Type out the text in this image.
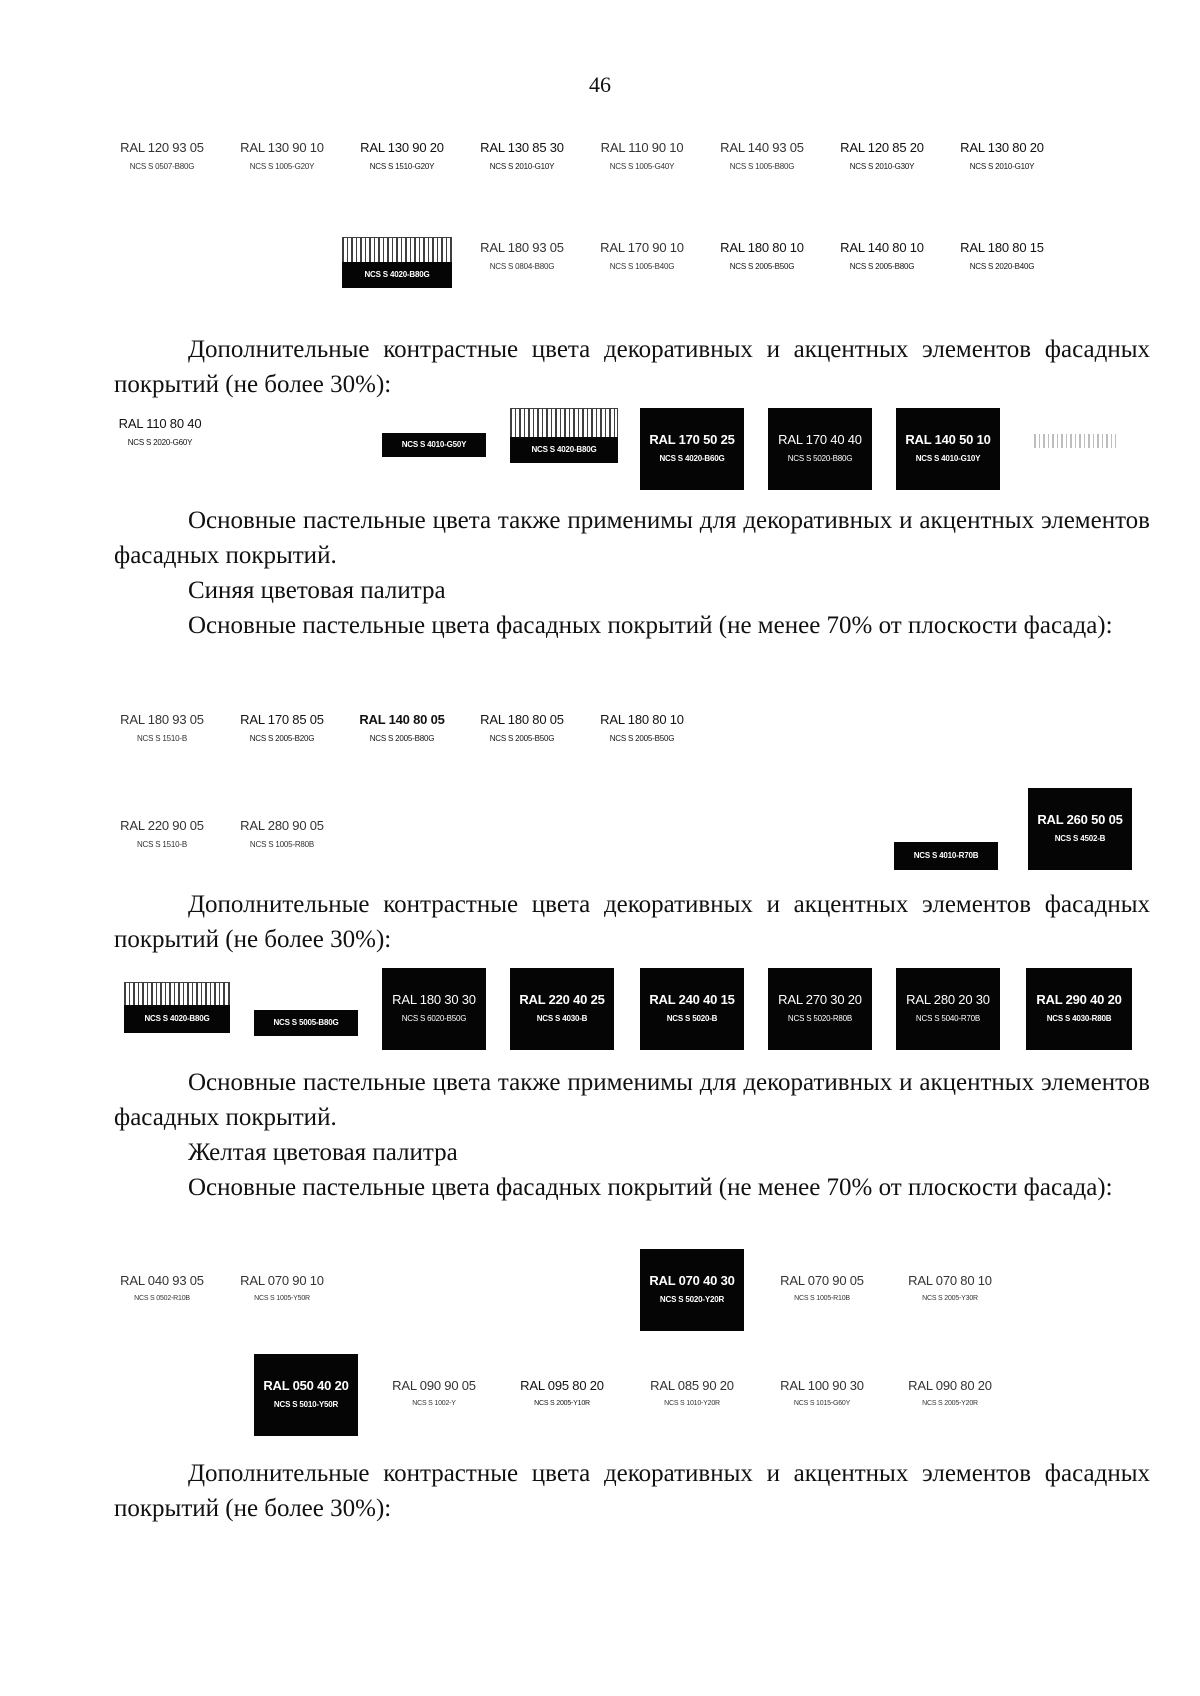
46
RAL 120 93 05
NCS S 0507-B80G
RAL 130 90 10
NCS S 1005-G20Y
RAL 130 90 20
NCS S 1510-G20Y
RAL 130 85 30
NCS S 2010-G10Y
RAL 110 90 10
NCS S 1005-G40Y
RAL 140 93 05
NCS S 1005-B80G
RAL 120 85 20
NCS S 2010-G30Y
RAL 130 80 20
NCS S 2010-G10Y
NCS S 4020-B80G
RAL 180 93 05
NCS S 0804-B80G
RAL 170 90 10
NCS S 1005-B40G
RAL 180 80 10
NCS S 2005-B50G
RAL 140 80 10
NCS S 2005-B80G
RAL 180 80 15
NCS S 2020-B40G

Дополнительные контрастные цвета декоративных и акцентных элементов фасадных покрытий (не более 30%):

RAL 110 80 40
NCS S 2020-G60Y	NCS S 4010-G50Y
NCS S 4020-B80G
RAL 170 50 25
NCS S 4020-B60G
RAL 170 40 40
NCS S 5020-B80G
RAL 140 50 10
NCS S 4010-G10Y

Основные пастельные цвета также применимы для декоративных и акцентных элементов фасадных покрытий.

Синяя цветовая палитра

Основные пастельные цвета фасадных покрытий (не менее 70% от плоскости фасада):

RAL 180 93 05
NCS S 1510-B
RAL 170 85 05
NCS S 2005-B20G
RAL 140 80 05
NCS S 2005-B80G
RAL 180 80 05
NCS S 2005-B50G
RAL 180 80 10
NCS S 2005-B50G
RAL 220 90 05
NCS S 1510-B
RAL 280 90 05
NCS S 1005-R80B
NCS S 4010-R70B
RAL 260 50 05
NCS S 4502-B

Дополнительные контрастные цвета декоративных и акцентных элементов фасадных покрытий (не более 30%):

NCS S 4020-B80G	NCS S 5005-B80G
RAL 180 30 30
NCS S 6020-B50G
RAL 220 40 25
NCS S 4030-B
RAL 240 40 15
NCS S 5020-B
RAL 270 30 20
NCS S 5020-R80B
RAL 280 20 30
NCS S 5040-R70B
RAL 290 40 20
NCS S 4030-R80B

Основные пастельные цвета также применимы для декоративных и акцентных элементов фасадных покрытий.

Желтая цветовая палитра

Основные пастельные цвета фасадных покрытий (не менее 70% от плоскости фасада):

RAL 040 93 05
NCS S 0502-R10B
RAL 070 90 10
NCS S 1005-Y50R
RAL 070 40 30
NCS S 5020-Y20R
RAL 070 90 05
NCS S 1005-R10B
RAL 070 80 10
NCS S 2005-Y30R
RAL 050 40 20
NCS S 5010-Y50R
RAL 090 90 05
NCS S 1002-Y
RAL 095 80 20
NCS S 2005-Y10R
RAL 085 90 20
NCS S 1010-Y20R
RAL 100 90 30
NCS S 1015-G60Y
RAL 090 80 20
NCS S 2005-Y20R

Дополнительные контрастные цвета декоративных и акцентных элементов фасадных покрытий (не более 30%):
